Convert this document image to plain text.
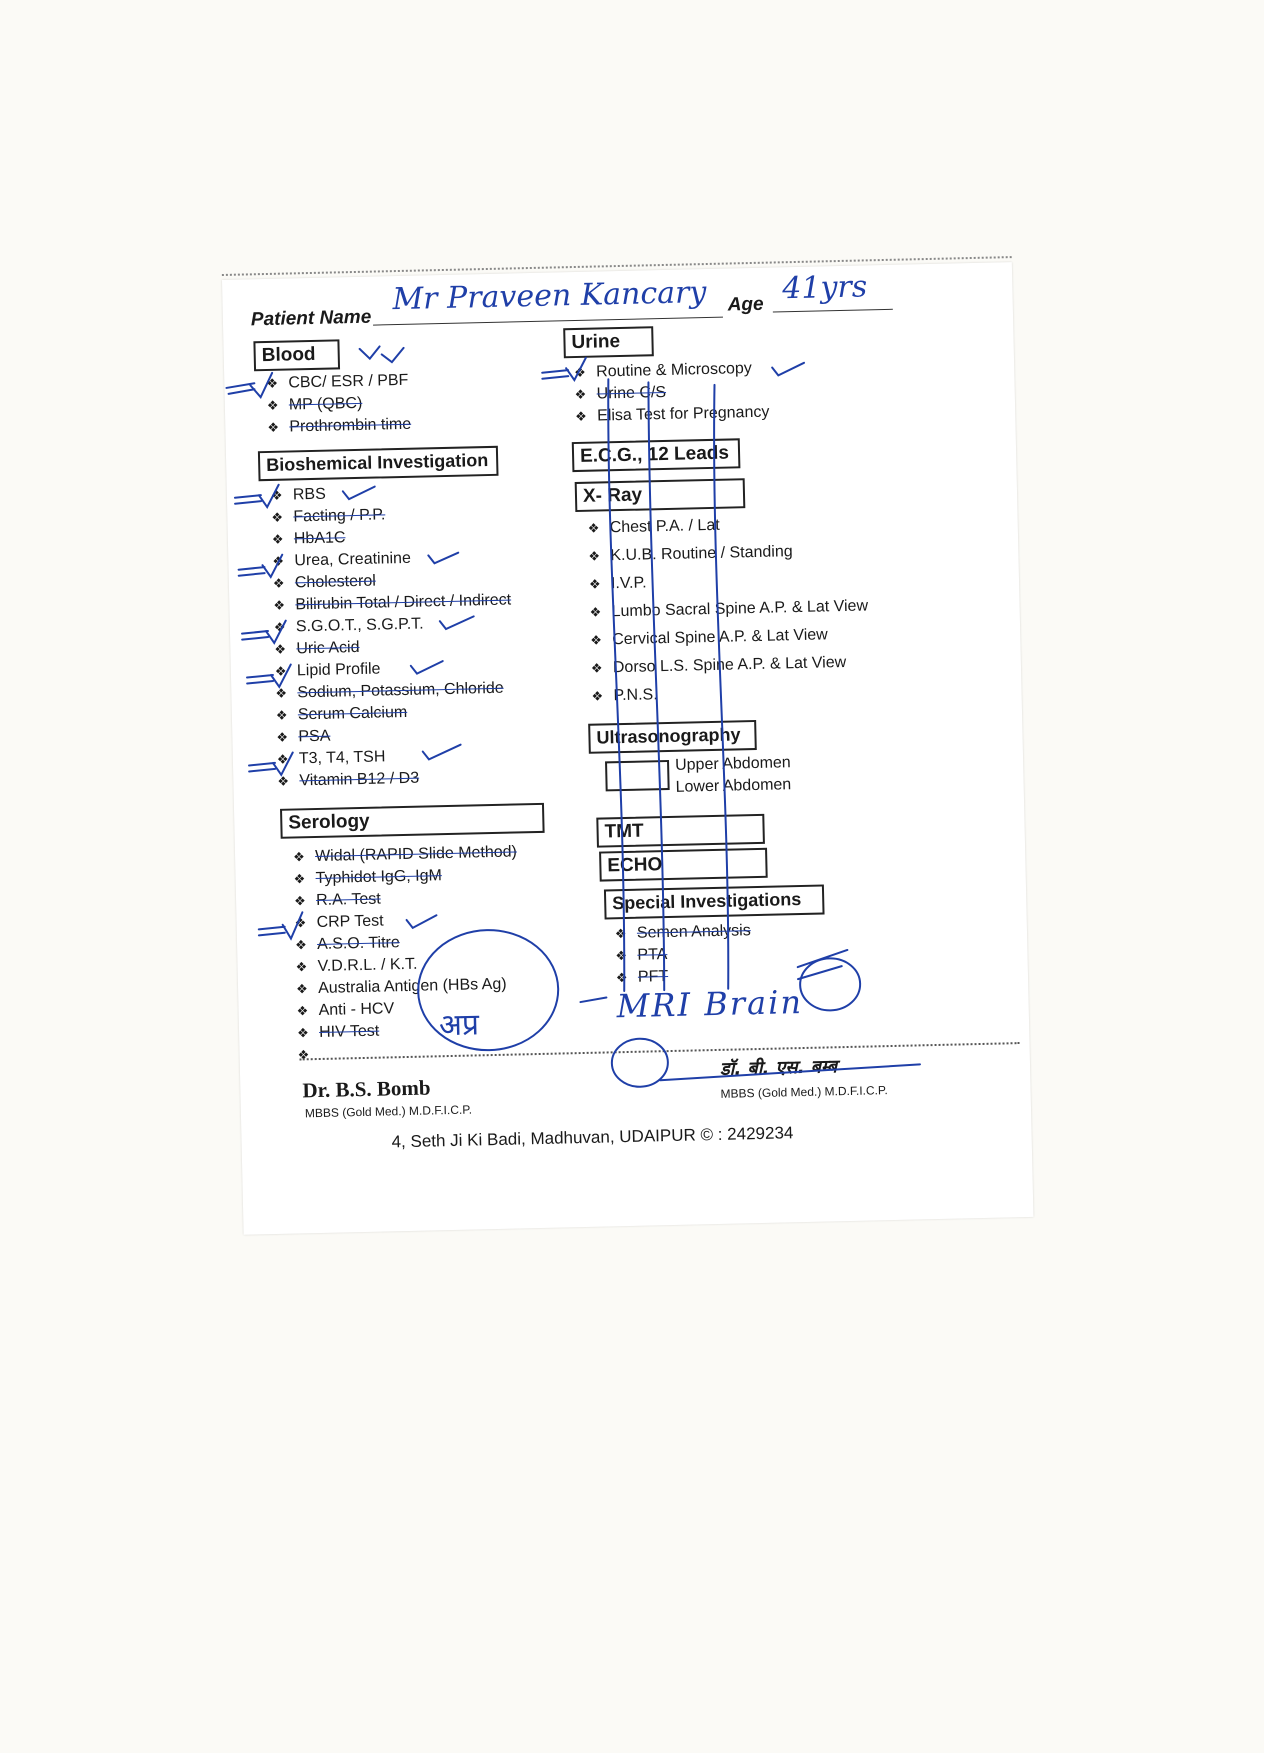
Patient Name
Mr Praveen Kancary Age 41yrs
Blood
❖ CBC/ ESR / PBF
❖ MP (QBC)
❖ Prothrombin time
Bioshemical Investigation
❖ RBS
❖ Facting / P.P.
❖ HbA1C
❖ Urea, Creatinine
❖ Cholesterol
❖ Bilirubin Total / Direct / Indirect
❖ S.G.O.T., S.G.P.T.
❖ Uric Acid
❖ Lipid Profile
❖ Sodium, Potassium, Chloride
❖ Serum Calcium
❖ PSA
❖ T3, T4, TSH
❖ Vitamin B12 / D3
Serology
❖ Widal (RAPID Slide Method)
❖ Typhidot IgG, IgM
❖ R.A. Test
❖ CRP Test
❖ A.S.O. Titre
❖ V.D.R.L. / K.T.
❖ Australia Antigen (HBs Ag)
❖ Anti - HCV
❖ HIV Test
❖
Urine
❖ Routine & Microscopy
❖ Urine C/S
❖ Elisa Test for Pregnancy
E.C.G., 12 Leads
X- Ray
❖ Chest P.A. / Lat
❖ K.U.B. Routine / Standing
❖ I.V.P.
❖ Lumbo Sacral Spine A.P. & Lat View
❖ Cervical Spine A.P. & Lat View
❖ Dorso L.S. Spine A.P. & Lat View
❖ P.N.S.
Ultrasonography
Upper Abdomen
Lower Abdomen
TMT
ECHO
Special Investigations
❖ Semen Analysis
❖ PTA
❖ PFT
MRI Brain
अप्र
Dr. B.S. Bomb
MBBS (Gold Med.) M.D.F.I.C.P.
डॉ. बी. एस. बम्ब
MBBS (Gold Med.) M.D.F.I.C.P.
4, Seth Ji Ki Badi, Madhuvan, UDAIPUR © : 2429234
